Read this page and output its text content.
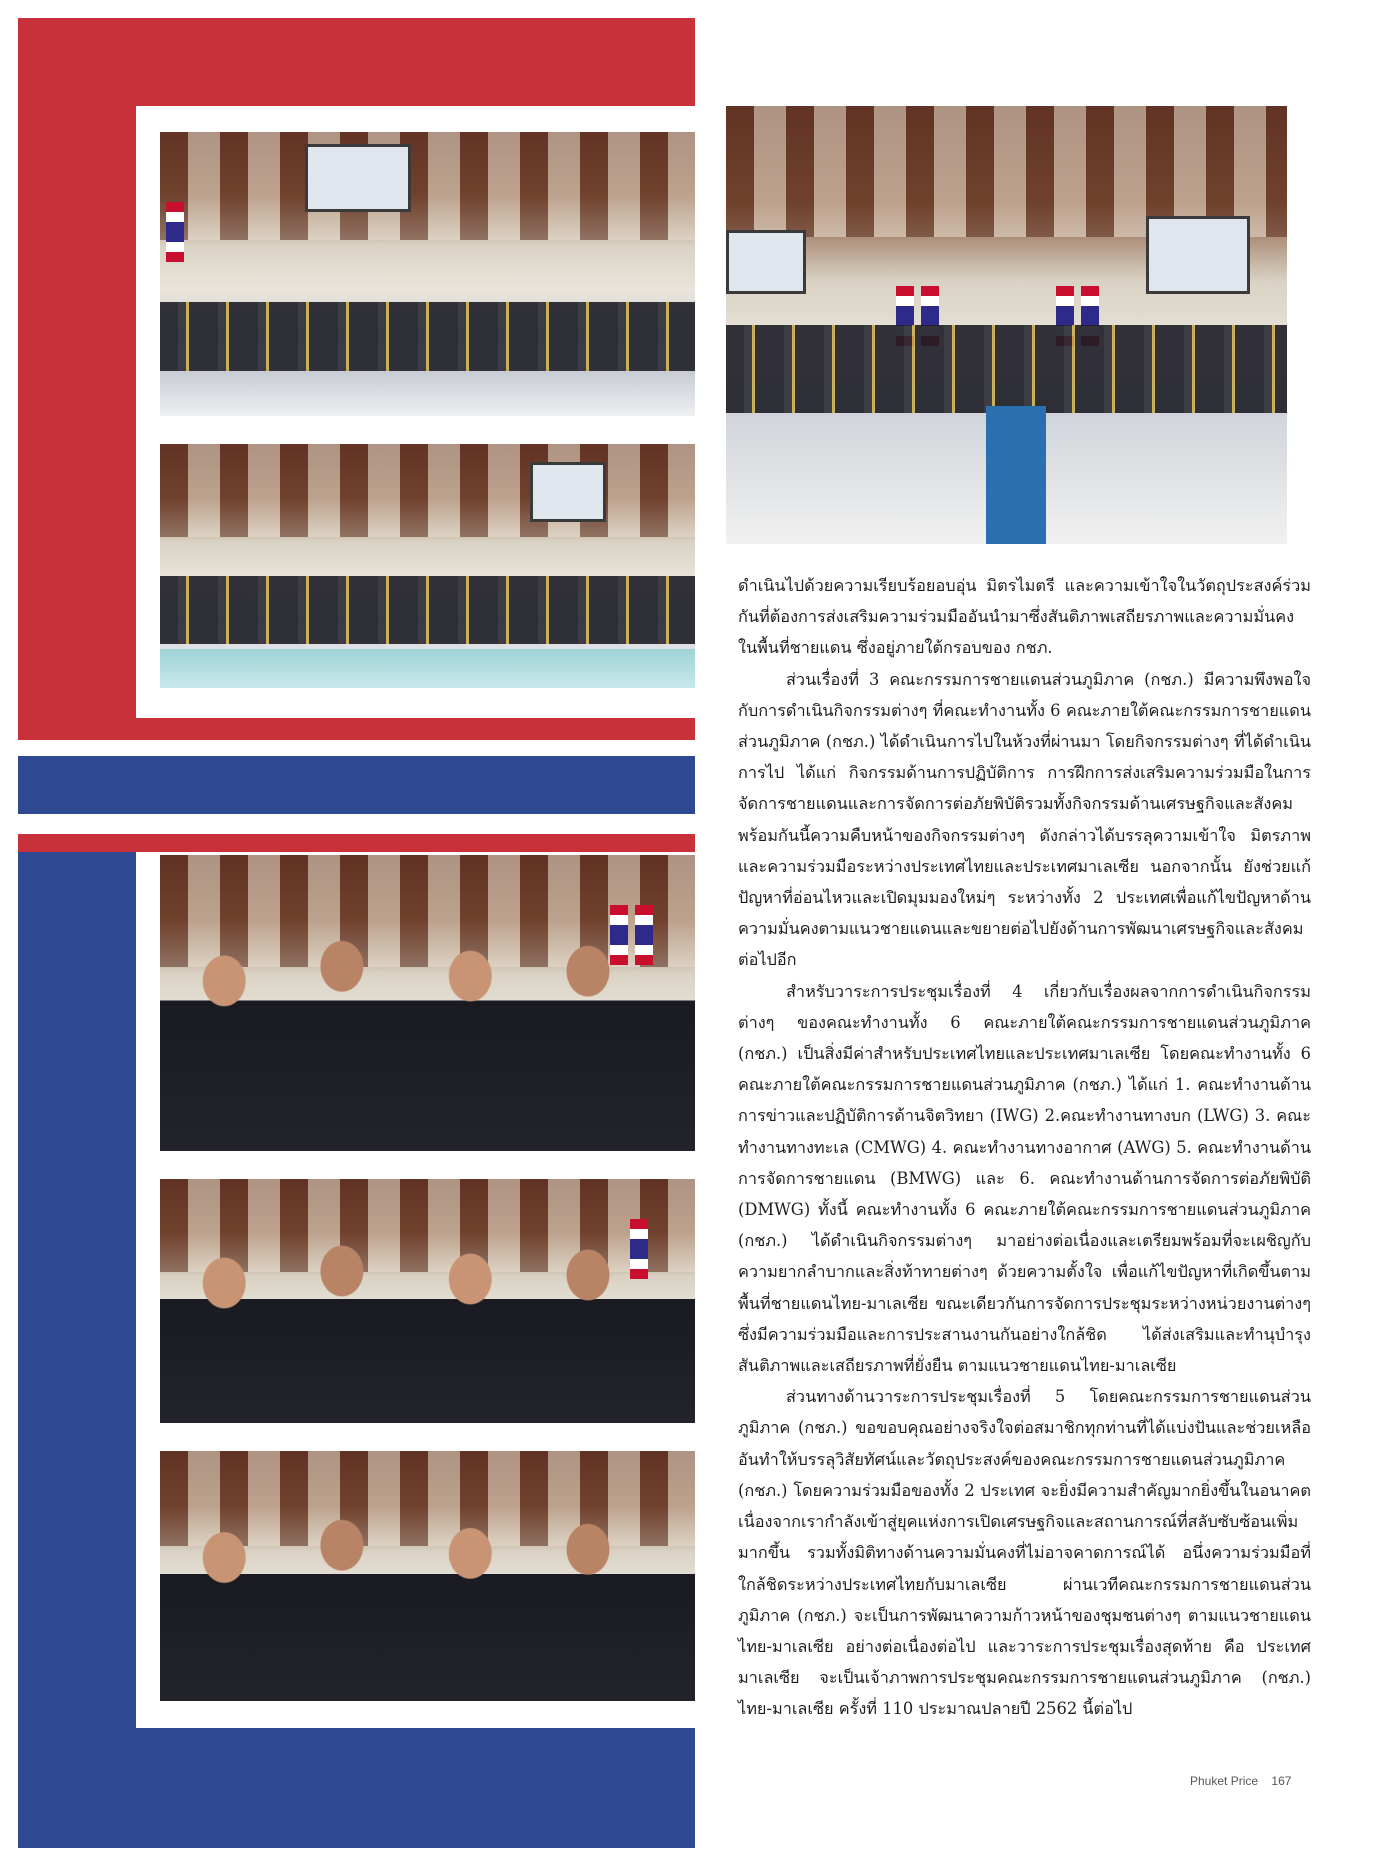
ดำเนินไปด้วยความเรียบร้อยอบอุ่น มิตรไมตรี และความเข้าใจในวัตถุประสงค์ร่วมกันที่ต้องการส่งเสริมความร่วมมืออันนำมาซึ่งสันติภาพเสถียรภาพและความมั่นคงในพื้นที่ชายแดน ซึ่งอยู่ภายใต้กรอบของ กชภ.

ส่วนเรื่องที่ 3 คณะกรรมการชายแดนส่วนภูมิภาค (กชภ.) มีความพึงพอใจกับการดำเนินกิจกรรมต่างๆ ที่คณะทำงานทั้ง 6 คณะภายใต้คณะกรรมการชายแดนส่วนภูมิภาค (กชภ.) ได้ดำเนินการไปในห้วงที่ผ่านมา โดยกิจกรรมต่างๆ ที่ได้ดำเนินการไป ได้แก่ กิจกรรมด้านการปฏิบัติการ การฝึกการส่งเสริมความร่วมมือในการจัดการชายแดนและการจัดการต่อภัยพิบัติรวมทั้งกิจกรรมด้านเศรษฐกิจและสังคม พร้อมกันนี้ความคืบหน้าของกิจกรรมต่างๆ ดังกล่าวได้บรรลุความเข้าใจ มิตรภาพและความร่วมมือระหว่างประเทศไทยและประเทศมาเลเซีย นอกจากนั้น ยังช่วยแก้ปัญหาที่อ่อนไหวและเปิดมุมมองใหม่ๆ ระหว่างทั้ง 2 ประเทศเพื่อแก้ไขปัญหาด้านความมั่นคงตามแนวชายแดนและขยายต่อไปยังด้านการพัฒนาเศรษฐกิจและสังคมต่อไปอีก

สำหรับวาระการประชุมเรื่องที่ 4 เกี่ยวกับเรื่องผลจากการดำเนินกิจกรรมต่างๆ ของคณะทำงานทั้ง 6 คณะภายใต้คณะกรรมการชายแดนส่วนภูมิภาค (กชภ.) เป็นสิ่งมีค่าสำหรับประเทศไทยและประเทศมาเลเซีย โดยคณะทำงานทั้ง 6 คณะภายใต้คณะกรรมการชายแดนส่วนภูมิภาค (กชภ.) ได้แก่ 1. คณะทำงานด้านการข่าวและปฏิบัติการด้านจิตวิทยา (IWG) 2.คณะทำงานทางบก (LWG) 3. คณะทำงานทางทะเล (CMWG) 4. คณะทำงานทางอากาศ (AWG) 5. คณะทำงานด้านการจัดการชายแดน (BMWG) และ 6. คณะทำงานด้านการจัดการต่อภัยพิบัติ (DMWG) ทั้งนี้ คณะทำงานทั้ง 6 คณะภายใต้คณะกรรมการชายแดนส่วนภูมิภาค (กชภ.) ได้ดำเนินกิจกรรมต่างๆ มาอย่างต่อเนื่องและเตรียมพร้อมที่จะเผชิญกับความยากลำบากและสิ่งท้าทายต่างๆ ด้วยความตั้งใจ เพื่อแก้ไขปัญหาที่เกิดขึ้นตามพื้นที่ชายแดนไทย-มาเลเซีย ขณะเดียวกันการจัดการประชุมระหว่างหน่วยงานต่างๆ ซึ่งมีความร่วมมือและการประสานงานกันอย่างใกล้ชิด ได้ส่งเสริมและทำนุบำรุงสันติภาพและเสถียรภาพที่ยั่งยืน ตามแนวชายแดนไทย-มาเลเซีย

ส่วนทางด้านวาระการประชุมเรื่องที่ 5 โดยคณะกรรมการชายแดนส่วนภูมิภาค (กชภ.) ขอขอบคุณอย่างจริงใจต่อสมาชิกทุกท่านที่ได้แบ่งปันและช่วยเหลืออันทำให้บรรลุวิสัยทัศน์และวัตถุประสงค์ของคณะกรรมการชายแดนส่วนภูมิภาค (กชภ.) โดยความร่วมมือของทั้ง 2 ประเทศ จะยิ่งมีความสำคัญมากยิ่งขึ้นในอนาคต เนื่องจากเรากำลังเข้าสู่ยุคแห่งการเปิดเศรษฐกิจและสถานการณ์ที่สลับซับซ้อนเพิ่มมากขึ้น รวมทั้งมิติทางด้านความมั่นคงที่ไม่อาจคาดการณ์ได้ อนึ่งความร่วมมือที่ใกล้ชิดระหว่างประเทศไทยกับมาเลเซีย ผ่านเวทีคณะกรรมการชายแดนส่วนภูมิภาค (กชภ.) จะเป็นการพัฒนาความก้าวหน้าของชุมชนต่างๆ ตามแนวชายแดนไทย-มาเลเซีย อย่างต่อเนื่องต่อไป และวาระการประชุมเรื่องสุดท้าย คือ ประเทศมาเลเซีย จะเป็นเจ้าภาพการประชุมคณะกรรมการชายแดนส่วนภูมิภาค (กชภ.) ไทย-มาเลเซีย ครั้งที่ 110 ประมาณปลายปี 2562 นี้ต่อไป

Phuket Price 167
